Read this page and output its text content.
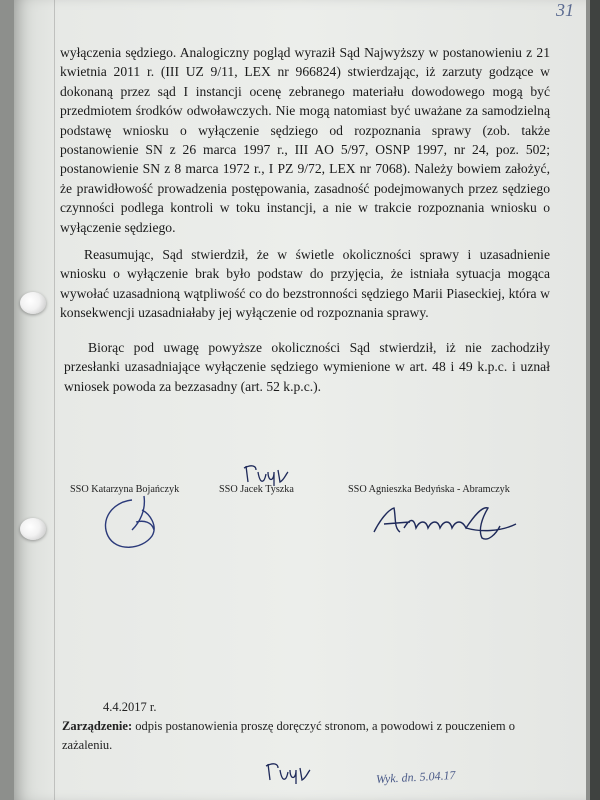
31

wyłączenia sędziego. Analogiczny pogląd wyraził Sąd Najwyższy w postanowieniu z 21 kwietnia 2011 r. (III UZ 9/11, LEX nr 966824) stwierdzając, iż zarzuty godzące w dokonaną przez sąd I instancji ocenę zebranego materiału dowodowego mogą być przedmiotem środków odwoławczych. Nie mogą natomiast być uważane za samodzielną podstawę wniosku o wyłączenie sędziego od rozpoznania sprawy (zob. także postanowienie SN z 26 marca 1997 r., III AO 5/97, OSNP 1997, nr 24, poz. 502; postanowienie SN z 8 marca 1972 r., I PZ 9/72, LEX nr 7068). Należy bowiem założyć, że prawidłowość prowadzenia postępowania, zasadność podejmowanych przez sędziego czynności podlega kontroli w toku instancji, a nie w trakcie rozpoznania wniosku o wyłączenie sędziego.

Reasumując, Sąd stwierdził, że w świetle okoliczności sprawy i uzasadnienie wniosku o wyłączenie brak było podstaw do przyjęcia, że istniała sytuacja mogąca wywołać uzasadnioną wątpliwość co do bezstronności sędziego Marii Piaseckiej, która w konsekwencji uzasadniałaby jej wyłączenie od rozpoznania sprawy.

Biorąc pod uwagę powyższe okoliczności Sąd stwierdził, iż nie zachodziły przesłanki uzasadniające wyłączenie sędziego wymienione w art. 48 i 49 k.p.c. i uznał wniosek powoda za bezzasadny (art. 52 k.p.c.).

SSO Katarzyna Bojańczyk	SSO Jacek Tyszka	SSO Agnieszka Bedyńska - Abramczyk
4.4.2017 r.
Zarządzenie: odpis postanowienia proszę doręczyć stronom, a powodowi z pouczeniem o zażaleniu.
Wyk. dn. 5.04.17
